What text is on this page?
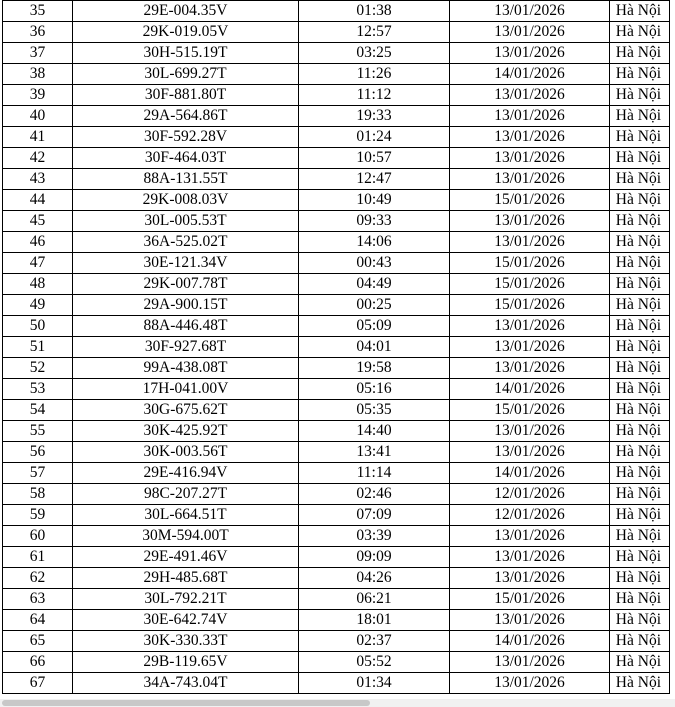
35	29E-004.35V	01:38	13/01/2026	Hà Nội
36	29K-019.05V	12:57	13/01/2026	Hà Nội
37	30H-515.19T	03:25	13/01/2026	Hà Nội
38	30L-699.27T	11:26	14/01/2026	Hà Nội
39	30F-881.80T	11:12	13/01/2026	Hà Nội
40	29A-564.86T	19:33	13/01/2026	Hà Nội
41	30F-592.28V	01:24	13/01/2026	Hà Nội
42	30F-464.03T	10:57	13/01/2026	Hà Nội
43	88A-131.55T	12:47	13/01/2026	Hà Nội
44	29K-008.03V	10:49	15/01/2026	Hà Nội
45	30L-005.53T	09:33	13/01/2026	Hà Nội
46	36A-525.02T	14:06	13/01/2026	Hà Nội
47	30E-121.34V	00:43	15/01/2026	Hà Nội
48	29K-007.78T	04:49	15/01/2026	Hà Nội
49	29A-900.15T	00:25	15/01/2026	Hà Nội
50	88A-446.48T	05:09	13/01/2026	Hà Nội
51	30F-927.68T	04:01	13/01/2026	Hà Nội
52	99A-438.08T	19:58	13/01/2026	Hà Nội
53	17H-041.00V	05:16	14/01/2026	Hà Nội
54	30G-675.62T	05:35	15/01/2026	Hà Nội
55	30K-425.92T	14:40	13/01/2026	Hà Nội
56	30K-003.56T	13:41	13/01/2026	Hà Nội
57	29E-416.94V	11:14	14/01/2026	Hà Nội
58	98C-207.27T	02:46	12/01/2026	Hà Nội
59	30L-664.51T	07:09	12/01/2026	Hà Nội
60	30M-594.00T	03:39	13/01/2026	Hà Nội
61	29E-491.46V	09:09	13/01/2026	Hà Nội
62	29H-485.68T	04:26	13/01/2026	Hà Nội
63	30L-792.21T	06:21	15/01/2026	Hà Nội
64	30E-642.74V	18:01	13/01/2026	Hà Nội
65	30K-330.33T	02:37	14/01/2026	Hà Nội
66	29B-119.65V	05:52	13/01/2026	Hà Nội
67	34A-743.04T	01:34	13/01/2026	Hà Nội
